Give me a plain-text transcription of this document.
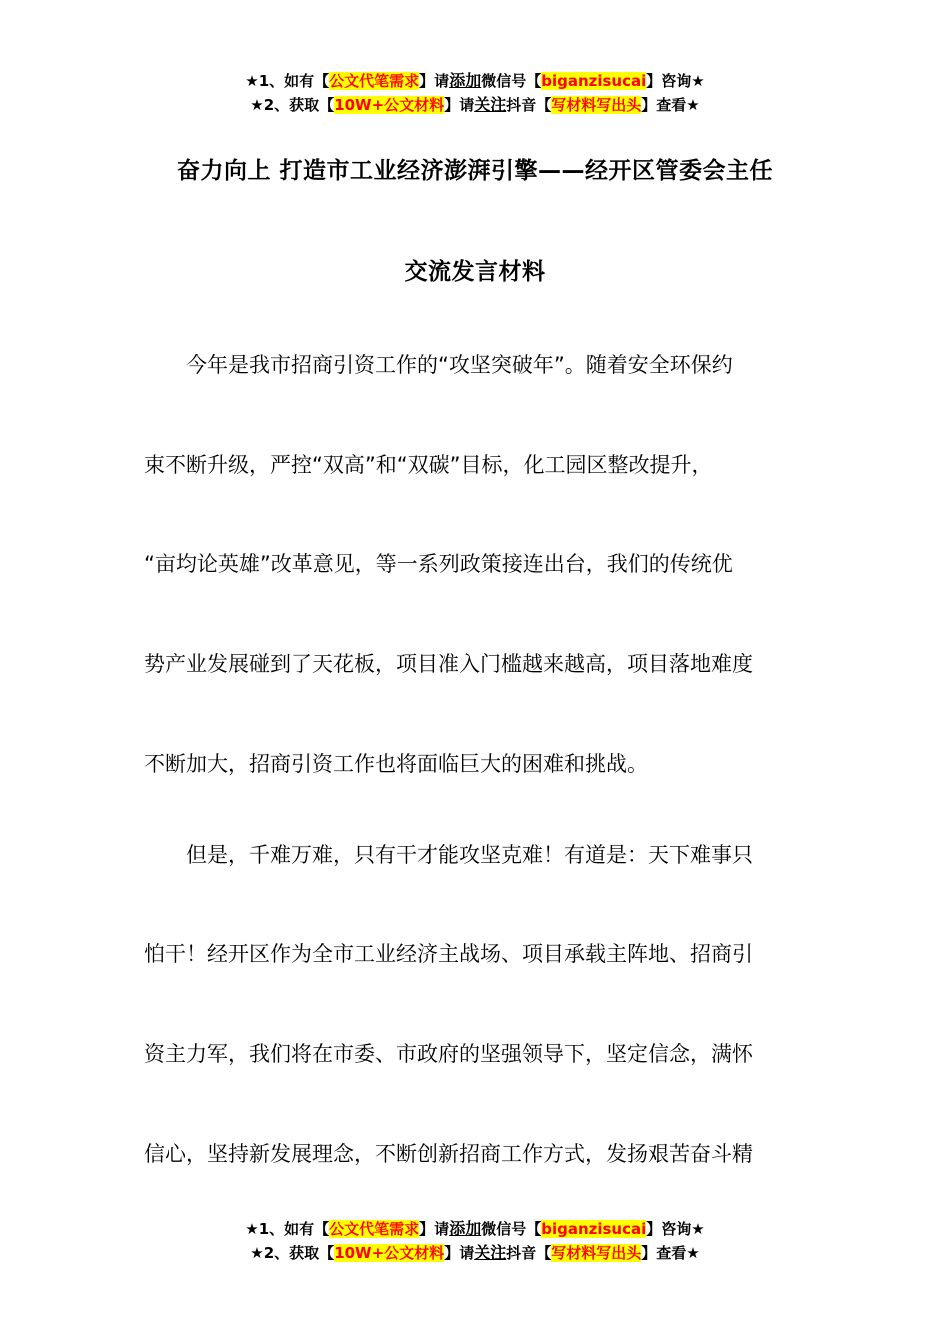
★1、如有【公文代笔需求】请添加微信号【biganzisucai】咨询★
★2、获取【10W+公文材料】请关注抖音【写材料写出头】查看★
奋力向上 打造市工业经济澎湃引擎——经开区管委会主任
交流发言材料
　　今年是我市招商引资工作的“攻坚突破年”。随着安全环保约
束不断升级，严控“双高”和“双碳”目标，化工园区整改提升，
“亩均论英雄”改革意见，等一系列政策接连出台，我们的传统优
势产业发展碰到了天花板，项目准入门槛越来越高，项目落地难度
不断加大，招商引资工作也将面临巨大的困难和挑战。
　　但是，千难万难，只有干才能攻坚克难！有道是：天下难事只
怕干！经开区作为全市工业经济主战场、项目承载主阵地、招商引
资主力军，我们将在市委、市政府的坚强领导下，坚定信念，满怀
信心，坚持新发展理念，不断创新招商工作方式，发扬艰苦奋斗精
★1、如有【公文代笔需求】请添加微信号【biganzisucai】咨询★
★2、获取【10W+公文材料】请关注抖音【写材料写出头】查看★
